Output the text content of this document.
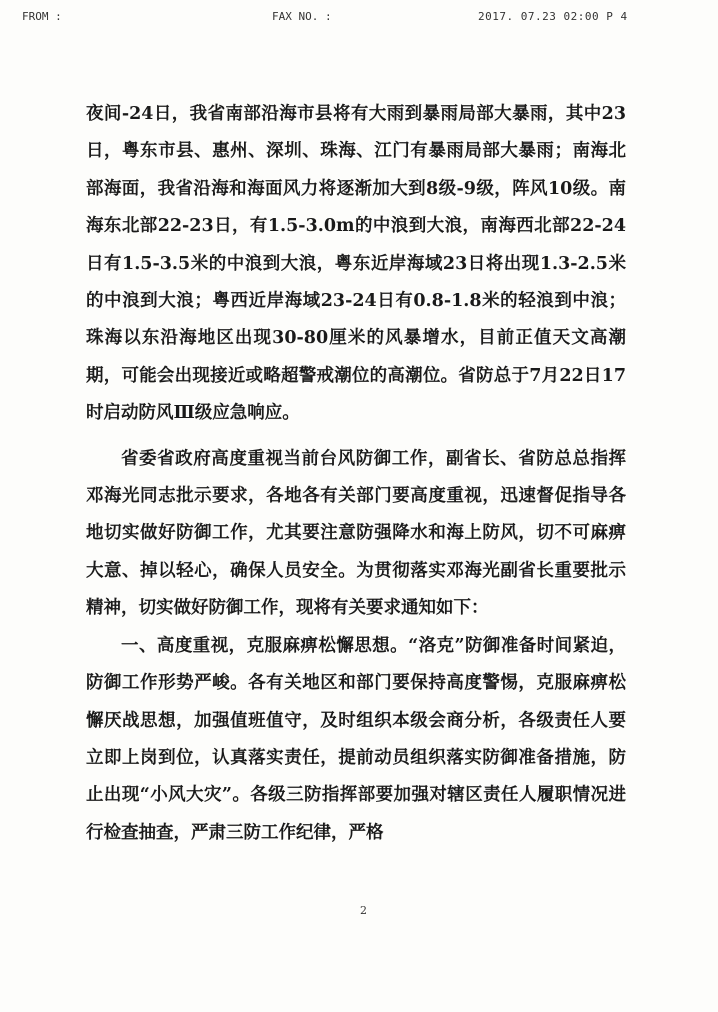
FROM :	FAX NO. :	2017. 07.23 02:00 P 4

夜间-24日，我省南部沿海市县将有大雨到暴雨局部大暴雨，其中23日，粤东市县、惠州、深圳、珠海、江门有暴雨局部大暴雨；南海北部海面，我省沿海和海面风力将逐渐加大到8级-9级，阵风10级。南海东北部22-23日，有1.5-3.0m的中浪到大浪，南海西北部22-24日有1.5-3.5米的中浪到大浪，粤东近岸海域23日将出现1.3-2.5米的中浪到大浪；粤西近岸海域23-24日有0.8-1.8米的轻浪到中浪；珠海以东沿海地区出现30-80厘米的风暴增水，目前正值天文高潮期，可能会出现接近或略超警戒潮位的高潮位。省防总于7月22日17时启动防风Ⅲ级应急响应。

省委省政府高度重视当前台风防御工作，副省长、省防总总指挥邓海光同志批示要求，各地各有关部门要高度重视，迅速督促指导各地切实做好防御工作，尤其要注意防强降水和海上防风，切不可麻痹大意、掉以轻心，确保人员安全。为贯彻落实邓海光副省长重要批示精神，切实做好防御工作，现将有关要求通知如下：

一、高度重视，克服麻痹松懈思想。“洛克”防御准备时间紧迫，防御工作形势严峻。各有关地区和部门要保持高度警惕，克服麻痹松懈厌战思想，加强值班值守，及时组织本级会商分析，各级责任人要立即上岗到位，认真落实责任，提前动员组织落实防御准备措施，防止出现“小风大灾”。各级三防指挥部要加强对辖区责任人履职情况进行检查抽查，严肃三防工作纪律，严格

2
